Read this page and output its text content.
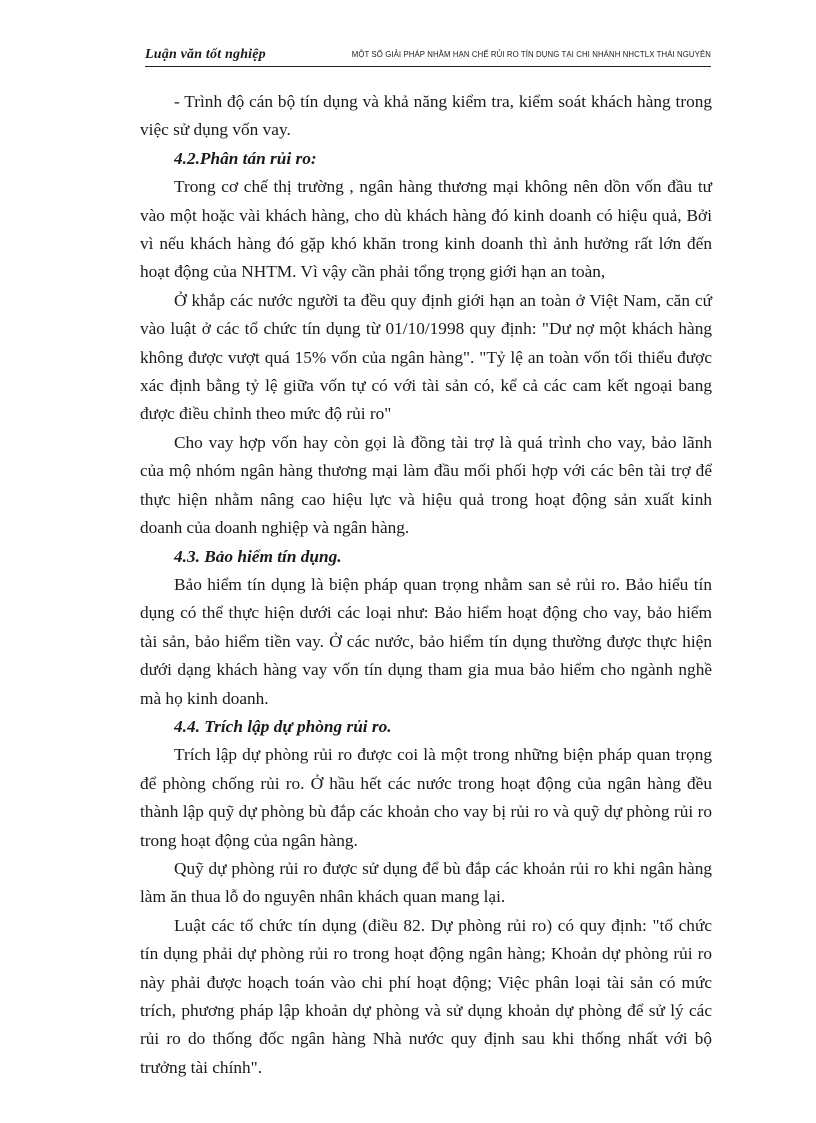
Luận văn tốt nghiệp	MỘT SỐ GIẢI PHÁP NHẰM HẠN CHẾ RỦI RO TÍN DỤNG TẠI CHI NHÁNH NHCTLX THÁI NGUYÊN

- Trình độ cán bộ tín dụng và khả năng kiểm tra, kiểm soát khách hàng trong việc sử dụng vốn vay.

4.2.Phân tán rủi ro:

Trong cơ chế thị trường , ngân hàng thương mại không nên dồn vốn đầu tư vào một hoặc vài khách hàng, cho dù khách hàng đó kinh doanh có hiệu quả, Bởi vì nếu khách hàng đó gặp khó khăn trong kinh doanh thì ảnh hưởng rất lớn đến hoạt động của NHTM. Vì vậy cần phải tổng trọng giới hạn an toàn,

Ở khắp các nước người ta đều quy định giới hạn an toàn ở Việt Nam, căn cứ vào luật ở các tổ chức tín dụng từ 01/10/1998 quy định: "Dư nợ một khách hàng không được vượt quá 15% vốn của ngân hàng". "Tỷ lệ an toàn vốn tối thiểu được xác định bằng tỷ lệ giữa vốn tự có với tài sản có, kể cả các cam kết ngoại bang được điều chỉnh theo mức độ rủi ro"

Cho vay hợp vốn hay còn gọi là đồng tài trợ là quá trình cho vay, bảo lãnh của mộ nhóm ngân hàng thương mại làm đầu mối phối hợp với các bên tài trợ để thực hiện nhằm nâng cao hiệu lực và hiệu quả trong hoạt động sản xuất kinh doanh của doanh nghiệp và ngân hàng.

4.3. Bảo hiểm tín dụng.

Bảo hiểm tín dụng là biện pháp quan trọng nhằm san sẻ rủi ro. Bảo hiểu tín dụng có thể thực hiện dưới các loại như: Bảo hiểm hoạt động cho vay, bảo hiểm tài sản, bảo hiểm tiền vay. Ở các nước, bảo hiểm tín dụng thường được thực hiện dưới dạng khách hàng vay vốn tín dụng tham gia mua bảo hiểm cho ngành nghề mà họ kinh doanh.

4.4. Trích lập dự phòng rủi ro.

Trích lập dự phòng rủi ro được coi là một trong những biện pháp quan trọng để phòng chống rủi ro. Ở hầu hết các nước trong hoạt động của ngân hàng đều thành lập quỹ dự phòng bù đắp các khoản cho vay bị rủi ro và quỹ dự phòng rủi ro trong hoạt động của ngân hàng.

Quỹ dự phòng rủi ro được sử dụng để bù đắp các khoản rủi ro khi ngân hàng làm ăn thua lỗ do nguyên nhân khách quan mang lại.

Luật các tổ chức tín dụng (điều 82. Dự phòng rủi ro) có quy định: "tổ chức tín dụng phải dự phòng rủi ro trong hoạt động ngân hàng; Khoản dự phòng rủi ro này phải được hoạch toán vào chi phí hoạt động; Việc phân loại tài sản có mức trích, phương pháp lập khoản dự phòng và sử dụng khoản dự phòng để sử lý các rủi ro do thống đốc ngân hàng Nhà nước quy định sau khi thống nhất với bộ trưởng tài chính".
